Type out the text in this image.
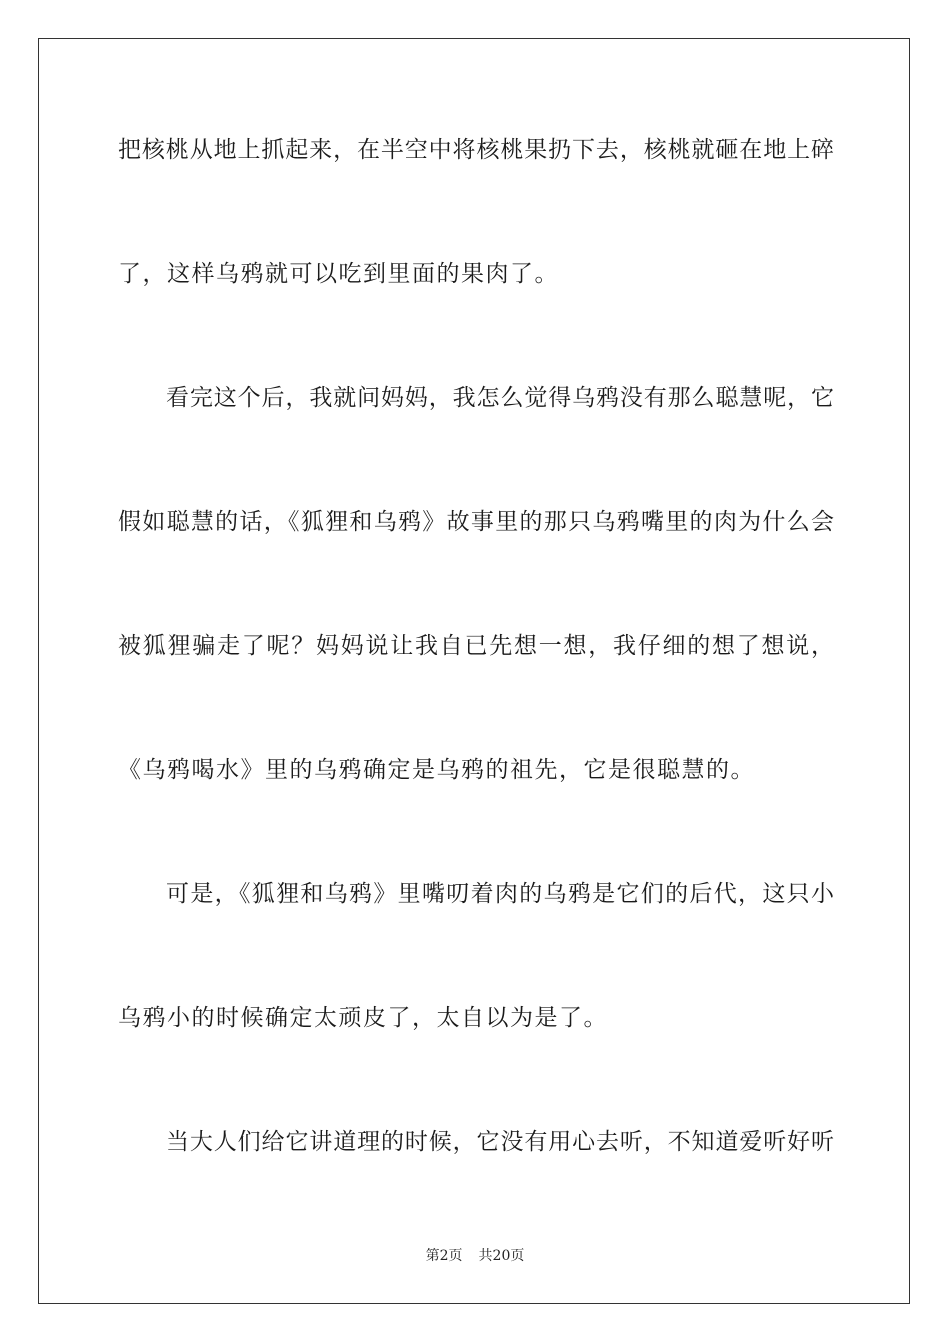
把核桃从地上抓起来，在半空中将核桃果扔下去，核桃就砸在地上碎
了，这样乌鸦就可以吃到里面的果肉了。
看完这个后，我就问妈妈，我怎么觉得乌鸦没有那么聪慧呢，它
假如聪慧的话，《狐狸和乌鸦》故事里的那只乌鸦嘴里的肉为什么会
被狐狸骗走了呢？妈妈说让我自已先想一想，我仔细的想了想说，
《乌鸦喝水》里的乌鸦确定是乌鸦的祖先，它是很聪慧的。
可是，《狐狸和乌鸦》里嘴叨着肉的乌鸦是它们的后代，这只小
乌鸦小的时候确定太顽皮了，太自以为是了。
当大人们给它讲道理的时候，它没有用心去听，不知道爱听好听
第2页 共20页
